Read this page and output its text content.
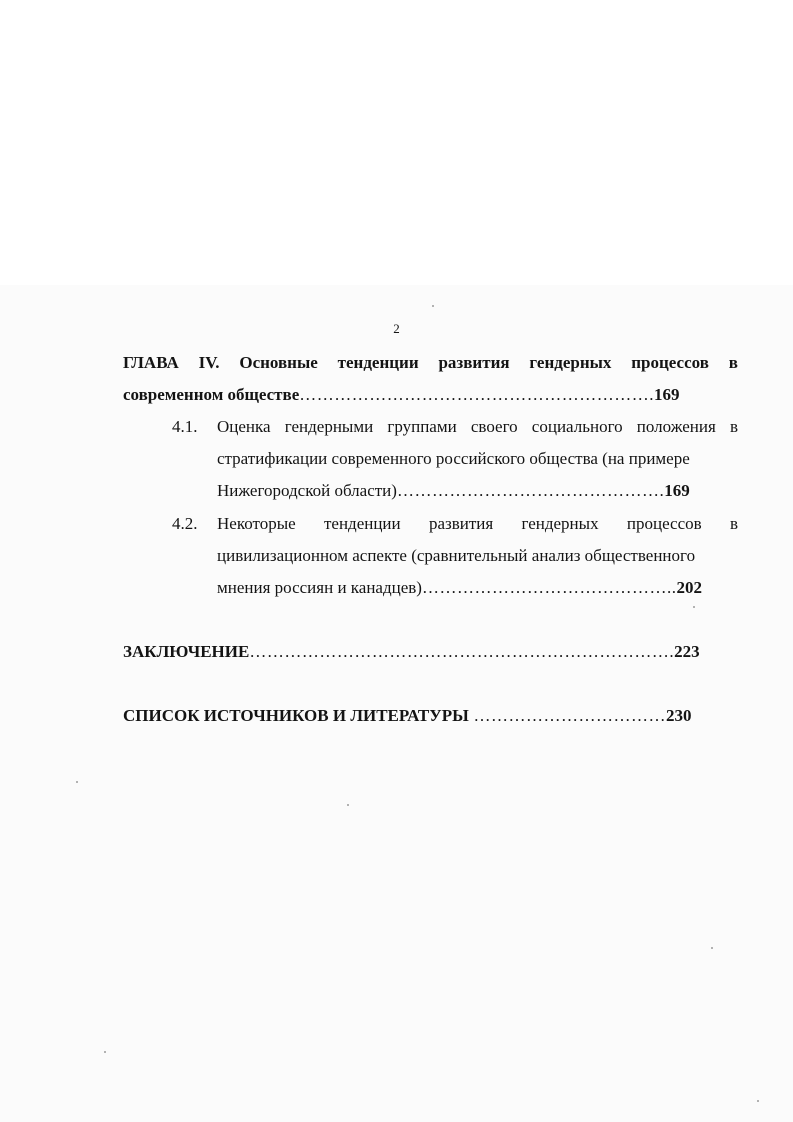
2
ГЛАВА IV. Основные тенденции развития гендерных процессов в
современном обществе…………………………………………………….169
4.1. Оценка гендерными группами своего социального положения в
стратификации современного российского общества (на примере
Нижегородской области)……………………………………….169
4.2. Некоторые тенденции развития гендерных процессов в
цивилизационном аспекте (сравнительный анализ общественного
мнения россиян и канадцев)……………………………………..202
ЗАКЛЮЧЕНИЕ……………………………………………………………….223
СПИСОК ИСТОЧНИКОВ И ЛИТЕРАТУРЫ ……………………………230
